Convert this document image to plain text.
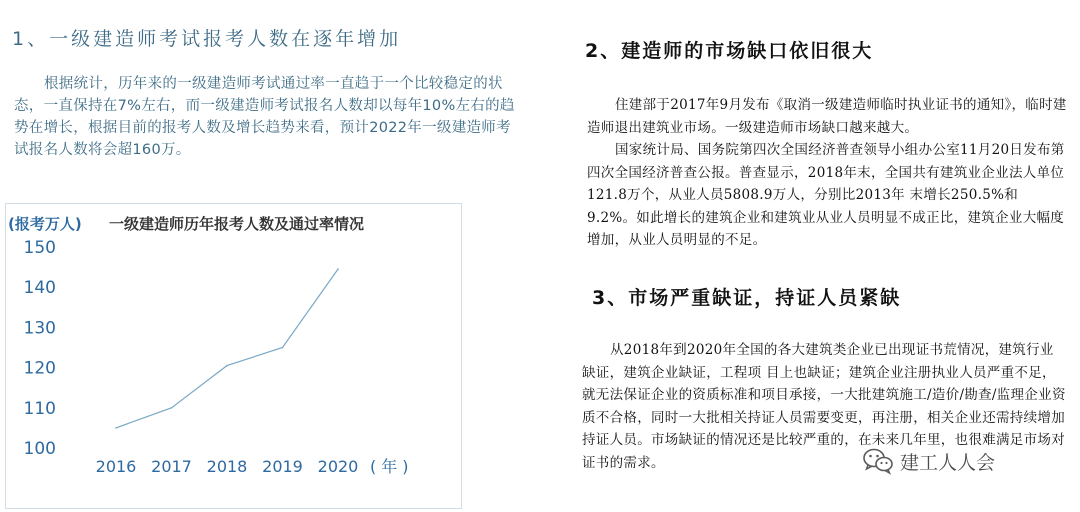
1、一级建造师考试报考人数在逐年增加
根据统计，历年来的一级建造师考试通过率一直趋于一个比较稳定的状态，一直保持在7%左右，而一级建造师考试报名人数却以每年10%左右的趋势在增长，根据目前的报考人数及增长趋势来看，预计2022年一级建造师考试报名人数将会超160万。
(报考万人) 一级建造师历年报考人数及通过率情况
100
110
120
130
140
150
2016 2017 2018 2019 2020 (年)
2、建造师的市场缺口依旧很大
住建部于2017年9月发布《取消一级建造师临时执业证书的通知》，临时建造师退出建筑业市场。一级建造师市场缺口越来越大。
国家统计局、国务院第四次全国经济普查领导小组办公室11月20日发布第四次全国经济普查公报。普查显示，2018年末，全国共有建筑业企业法人单位121.8万个，从业人员5808.9万人，分别比2013年 末增长250.5%和9.2%。如此增长的建筑企业和建筑业从业人员明显不成正比，建筑企业大幅度增加，从业人员明显的不足。
3、市场严重缺证，持证人员紧缺
从2018年到2020年全国的各大建筑类企业已出现证书荒情况，建筑行业缺证，建筑企业缺证，工程项 目上也缺证；建筑企业注册执业人员严重不足，就无法保证企业的资质标准和项目承接，一大批建筑施工/造价/勘查/监理企业资质不合格，同时一大批相关持证人员需要变更，再注册，相关企业还需持续增加持证人员。市场缺证的情况还是比较严重的，在未来几年里，也很难满足市场对证书的需求。	建工人人会
